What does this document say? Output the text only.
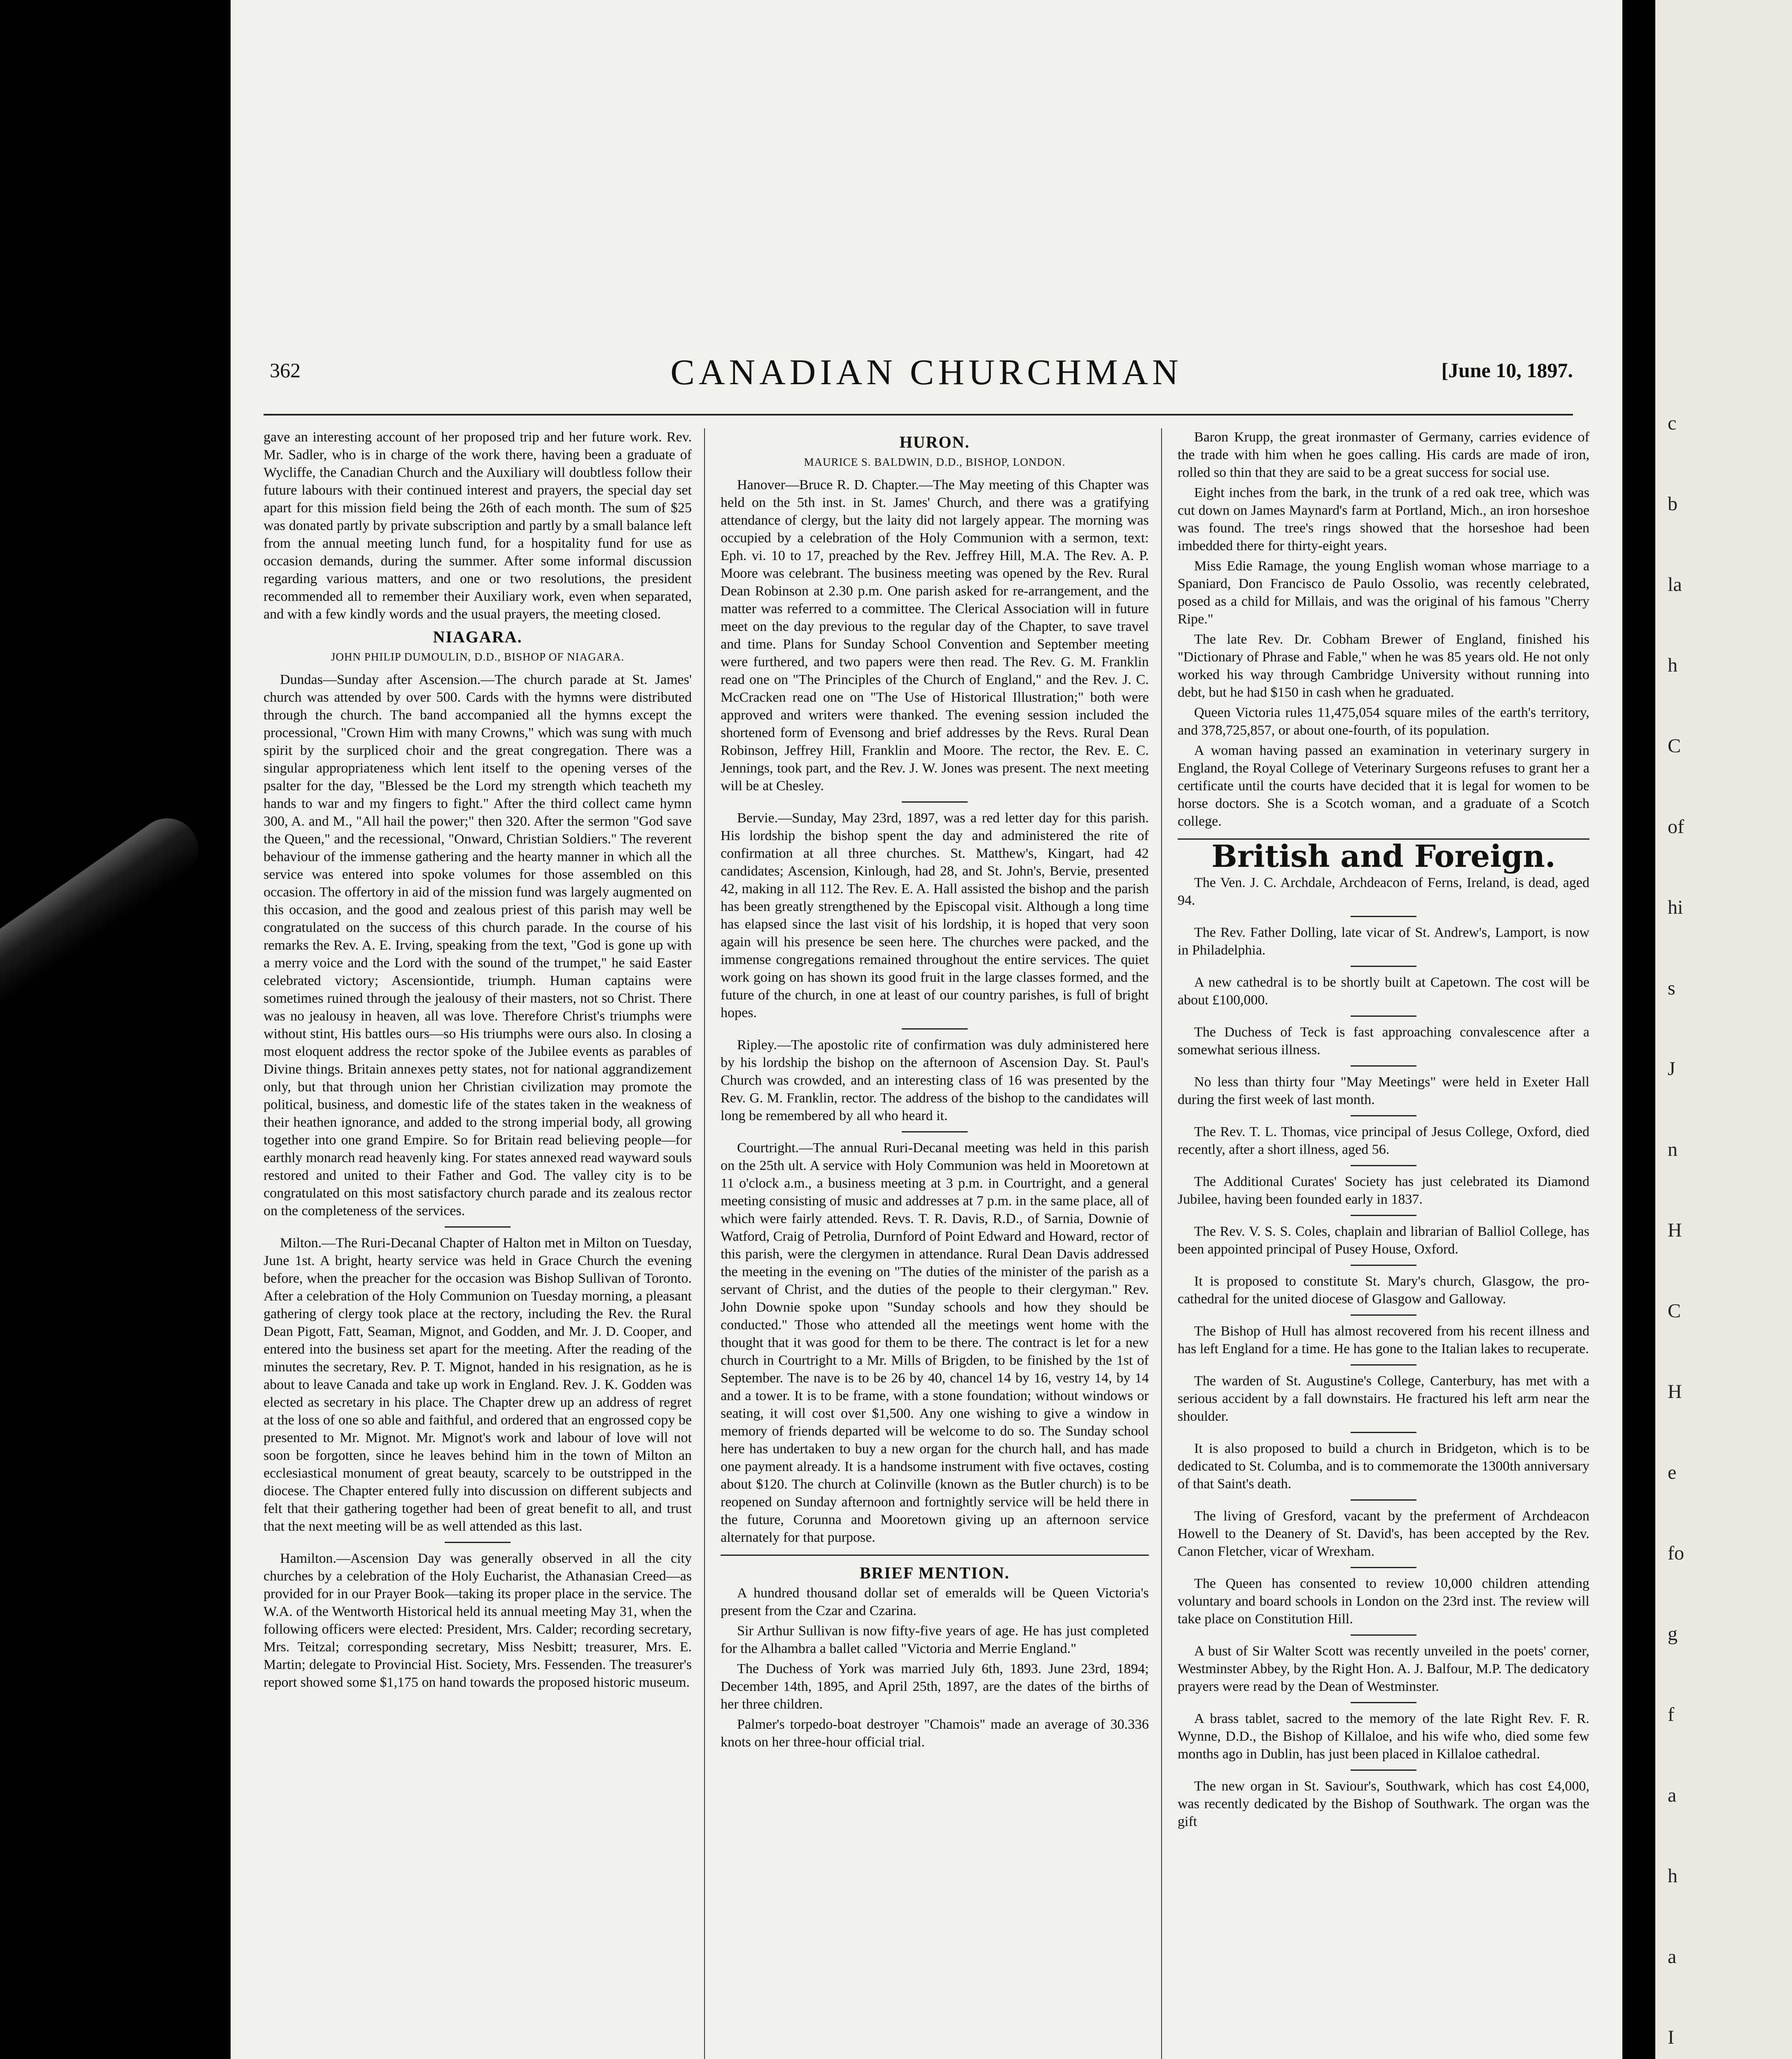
c
b
la
h
C
of
hi
s
J
n
H
C
H
e
fo
g
f
a
h
a
I
362	CANADIAN CHURCHMAN	[June 10, 1897.

gave an interesting account of her proposed trip and her future work. Rev. Mr. Sadler, who is in charge of the work there, having been a graduate of Wycliffe, the Canadian Church and the Auxiliary will doubtless follow their future labours with their continued interest and prayers, the special day set apart for this mission field being the 26th of each month. The sum of $25 was donated partly by private subscription and partly by a small balance left from the annual meeting lunch fund, for a hospitality fund for use as occasion demands, during the summer. After some informal discussion regarding various matters, and one or two resolutions, the president recommended all to remember their Auxiliary work, even when separated, and with a few kindly words and the usual prayers, the meeting closed.

NIAGARA.
JOHN PHILIP DUMOULIN, D.D., BISHOP OF NIAGARA.

Dundas—Sunday after Ascension.—The church parade at St. James' church was attended by over 500. Cards with the hymns were distributed through the church. The band accompanied all the hymns except the processional, "Crown Him with many Crowns," which was sung with much spirit by the surpliced choir and the great congregation. There was a singular appropriateness which lent itself to the opening verses of the psalter for the day, "Blessed be the Lord my strength which teacheth my hands to war and my fingers to fight." After the third collect came hymn 300, A. and M., "All hail the power;" then 320. After the sermon "God save the Queen," and the recessional, "Onward, Christian Soldiers." The reverent behaviour of the immense gathering and the hearty manner in which all the service was entered into spoke volumes for those assembled on this occasion. The offertory in aid of the mission fund was largely augmented on this occasion, and the good and zealous priest of this parish may well be congratulated on the success of this church parade. In the course of his remarks the Rev. A. E. Irving, speaking from the text, "God is gone up with a merry voice and the Lord with the sound of the trumpet," he said Easter celebrated victory; Ascensiontide, triumph. Human captains were sometimes ruined through the jealousy of their masters, not so Christ. There was no jealousy in heaven, all was love. Therefore Christ's triumphs were without stint, His battles ours—so His triumphs were ours also. In closing a most eloquent address the rector spoke of the Jubilee events as parables of Divine things. Britain annexes petty states, not for national aggrandizement only, but that through union her Christian civilization may promote the political, business, and domestic life of the states taken in the weakness of their heathen ignorance, and added to the strong imperial body, all growing together into one grand Empire. So for Britain read believing people—for earthly monarch read heavenly king. For states annexed read wayward souls restored and united to their Father and God. The valley city is to be congratulated on this most satisfactory church parade and its zealous rector on the completeness of the services.

Milton.—The Ruri-Decanal Chapter of Halton met in Milton on Tuesday, June 1st. A bright, hearty service was held in Grace Church the evening before, when the preacher for the occasion was Bishop Sullivan of Toronto. After a celebration of the Holy Communion on Tuesday morning, a pleasant gathering of clergy took place at the rectory, including the Rev. the Rural Dean Pigott, Fatt, Seaman, Mignot, and Godden, and Mr. J. D. Cooper, and entered into the business set apart for the meeting. After the reading of the minutes the secretary, Rev. P. T. Mignot, handed in his resignation, as he is about to leave Canada and take up work in England. Rev. J. K. Godden was elected as secretary in his place. The Chapter drew up an address of regret at the loss of one so able and faithful, and ordered that an engrossed copy be presented to Mr. Mignot. Mr. Mignot's work and labour of love will not soon be forgotten, since he leaves behind him in the town of Milton an ecclesiastical monument of great beauty, scarcely to be outstripped in the diocese. The Chapter entered fully into discussion on different subjects and felt that their gathering together had been of great benefit to all, and trust that the next meeting will be as well attended as this last.

Hamilton.—Ascension Day was generally observed in all the city churches by a celebration of the Holy Eucharist, the Athanasian Creed—as provided for in our Prayer Book—taking its proper place in the service. The W.A. of the Wentworth Historical held its annual meeting May 31, when the following officers were elected: President, Mrs. Calder; recording secretary, Mrs. Teitzal; corresponding secretary, Miss Nesbitt; treasurer, Mrs. E. Martin; delegate to Provincial Hist. Society, Mrs. Fessenden. The treasurer's report showed some $1,175 on hand towards the proposed historic museum.

HURON.
MAURICE S. BALDWIN, D.D., BISHOP, LONDON.

Hanover—Bruce R. D. Chapter.—The May meeting of this Chapter was held on the 5th inst. in St. James' Church, and there was a gratifying attendance of clergy, but the laity did not largely appear. The morning was occupied by a celebration of the Holy Communion with a sermon, text: Eph. vi. 10 to 17, preached by the Rev. Jeffrey Hill, M.A. The Rev. A. P. Moore was celebrant. The business meeting was opened by the Rev. Rural Dean Robinson at 2.30 p.m. One parish asked for re-arrangement, and the matter was referred to a committee. The Clerical Association will in future meet on the day previous to the regular day of the Chapter, to save travel and time. Plans for Sunday School Convention and September meeting were furthered, and two papers were then read. The Rev. G. M. Franklin read one on "The Principles of the Church of England," and the Rev. J. C. McCracken read one on "The Use of Historical Illustration;" both were approved and writers were thanked. The evening session included the shortened form of Evensong and brief addresses by the Revs. Rural Dean Robinson, Jeffrey Hill, Franklin and Moore. The rector, the Rev. E. C. Jennings, took part, and the Rev. J. W. Jones was present. The next meeting will be at Chesley.

Bervie.—Sunday, May 23rd, 1897, was a red letter day for this parish. His lordship the bishop spent the day and administered the rite of confirmation at all three churches. St. Matthew's, Kingart, had 42 candidates; Ascension, Kinlough, had 28, and St. John's, Bervie, presented 42, making in all 112. The Rev. E. A. Hall assisted the bishop and the parish has been greatly strengthened by the Episcopal visit. Although a long time has elapsed since the last visit of his lordship, it is hoped that very soon again will his presence be seen here. The churches were packed, and the immense congregations remained throughout the entire services. The quiet work going on has shown its good fruit in the large classes formed, and the future of the church, in one at least of our country parishes, is full of bright hopes.

Ripley.—The apostolic rite of confirmation was duly administered here by his lordship the bishop on the afternoon of Ascension Day. St. Paul's Church was crowded, and an interesting class of 16 was presented by the Rev. G. M. Franklin, rector. The address of the bishop to the candidates will long be remembered by all who heard it.

Courtright.—The annual Ruri-Decanal meeting was held in this parish on the 25th ult. A service with Holy Communion was held in Mooretown at 11 o'clock a.m., a business meeting at 3 p.m. in Courtright, and a general meeting consisting of music and addresses at 7 p.m. in the same place, all of which were fairly attended. Revs. T. R. Davis, R.D., of Sarnia, Downie of Watford, Craig of Petrolia, Durnford of Point Edward and Howard, rector of this parish, were the clergymen in attendance. Rural Dean Davis addressed the meeting in the evening on "The duties of the minister of the parish as a servant of Christ, and the duties of the people to their clergyman." Rev. John Downie spoke upon "Sunday schools and how they should be conducted." Those who attended all the meetings went home with the thought that it was good for them to be there. The contract is let for a new church in Courtright to a Mr. Mills of Brigden, to be finished by the 1st of September. The nave is to be 26 by 40, chancel 14 by 16, vestry 14, by 14 and a tower. It is to be frame, with a stone foundation; without windows or seating, it will cost over $1,500. Any one wishing to give a window in memory of friends departed will be welcome to do so. The Sunday school here has undertaken to buy a new organ for the church hall, and has made one payment already. It is a handsome instrument with five octaves, costing about $120. The church at Colinville (known as the Butler church) is to be reopened on Sunday afternoon and fortnightly service will be held there in the future, Corunna and Mooretown giving up an afternoon service alternately for that purpose.

BRIEF MENTION.

A hundred thousand dollar set of emeralds will be Queen Victoria's present from the Czar and Czarina.

Sir Arthur Sullivan is now fifty-five years of age. He has just completed for the Alhambra a ballet called "Victoria and Merrie England."

The Duchess of York was married July 6th, 1893. June 23rd, 1894; December 14th, 1895, and April 25th, 1897, are the dates of the births of her three children.

Palmer's torpedo-boat destroyer "Chamois" made an average of 30.336 knots on her three-hour official trial.

Baron Krupp, the great ironmaster of Germany, carries evidence of the trade with him when he goes calling. His cards are made of iron, rolled so thin that they are said to be a great success for social use.

Eight inches from the bark, in the trunk of a red oak tree, which was cut down on James Maynard's farm at Portland, Mich., an iron horseshoe was found. The tree's rings showed that the horseshoe had been imbedded there for thirty-eight years.

Miss Edie Ramage, the young English woman whose marriage to a Spaniard, Don Francisco de Paulo Ossolio, was recently celebrated, posed as a child for Millais, and was the original of his famous "Cherry Ripe."

The late Rev. Dr. Cobham Brewer of England, finished his "Dictionary of Phrase and Fable," when he was 85 years old. He not only worked his way through Cambridge University without running into debt, but he had $150 in cash when he graduated.

Queen Victoria rules 11,475,054 square miles of the earth's territory, and 378,725,857, or about one-fourth, of its population.

A woman having passed an examination in veterinary surgery in England, the Royal College of Veterinary Surgeons refuses to grant her a certificate until the courts have decided that it is legal for women to be horse doctors. She is a Scotch woman, and a graduate of a Scotch college.

British and Foreign.

The Ven. J. C. Archdale, Archdeacon of Ferns, Ireland, is dead, aged 94.

The Rev. Father Dolling, late vicar of St. Andrew's, Lamport, is now in Philadelphia.

A new cathedral is to be shortly built at Capetown. The cost will be about £100,000.

The Duchess of Teck is fast approaching convalescence after a somewhat serious illness.

No less than thirty four "May Meetings" were held in Exeter Hall during the first week of last month.

The Rev. T. L. Thomas, vice principal of Jesus College, Oxford, died recently, after a short illness, aged 56.

The Additional Curates' Society has just celebrated its Diamond Jubilee, having been founded early in 1837.

The Rev. V. S. S. Coles, chaplain and librarian of Balliol College, has been appointed principal of Pusey House, Oxford.

It is proposed to constitute St. Mary's church, Glasgow, the pro-cathedral for the united diocese of Glasgow and Galloway.

The Bishop of Hull has almost recovered from his recent illness and has left England for a time. He has gone to the Italian lakes to recuperate.

The warden of St. Augustine's College, Canterbury, has met with a serious accident by a fall downstairs. He fractured his left arm near the shoulder.

It is also proposed to build a church in Bridgeton, which is to be dedicated to St. Columba, and is to commemorate the 1300th anniversary of that Saint's death.

The living of Gresford, vacant by the preferment of Archdeacon Howell to the Deanery of St. David's, has been accepted by the Rev. Canon Fletcher, vicar of Wrexham.

The Queen has consented to review 10,000 children attending voluntary and board schools in London on the 23rd inst. The review will take place on Constitution Hill.

A bust of Sir Walter Scott was recently unveiled in the poets' corner, Westminster Abbey, by the Right Hon. A. J. Balfour, M.P. The dedicatory prayers were read by the Dean of Westminster.

A brass tablet, sacred to the memory of the late Right Rev. F. R. Wynne, D.D., the Bishop of Killaloe, and his wife who, died some few months ago in Dublin, has just been placed in Killaloe cathedral.

The new organ in St. Saviour's, Southwark, which has cost £4,000, was recently dedicated by the Bishop of Southwark. The organ was the gift
